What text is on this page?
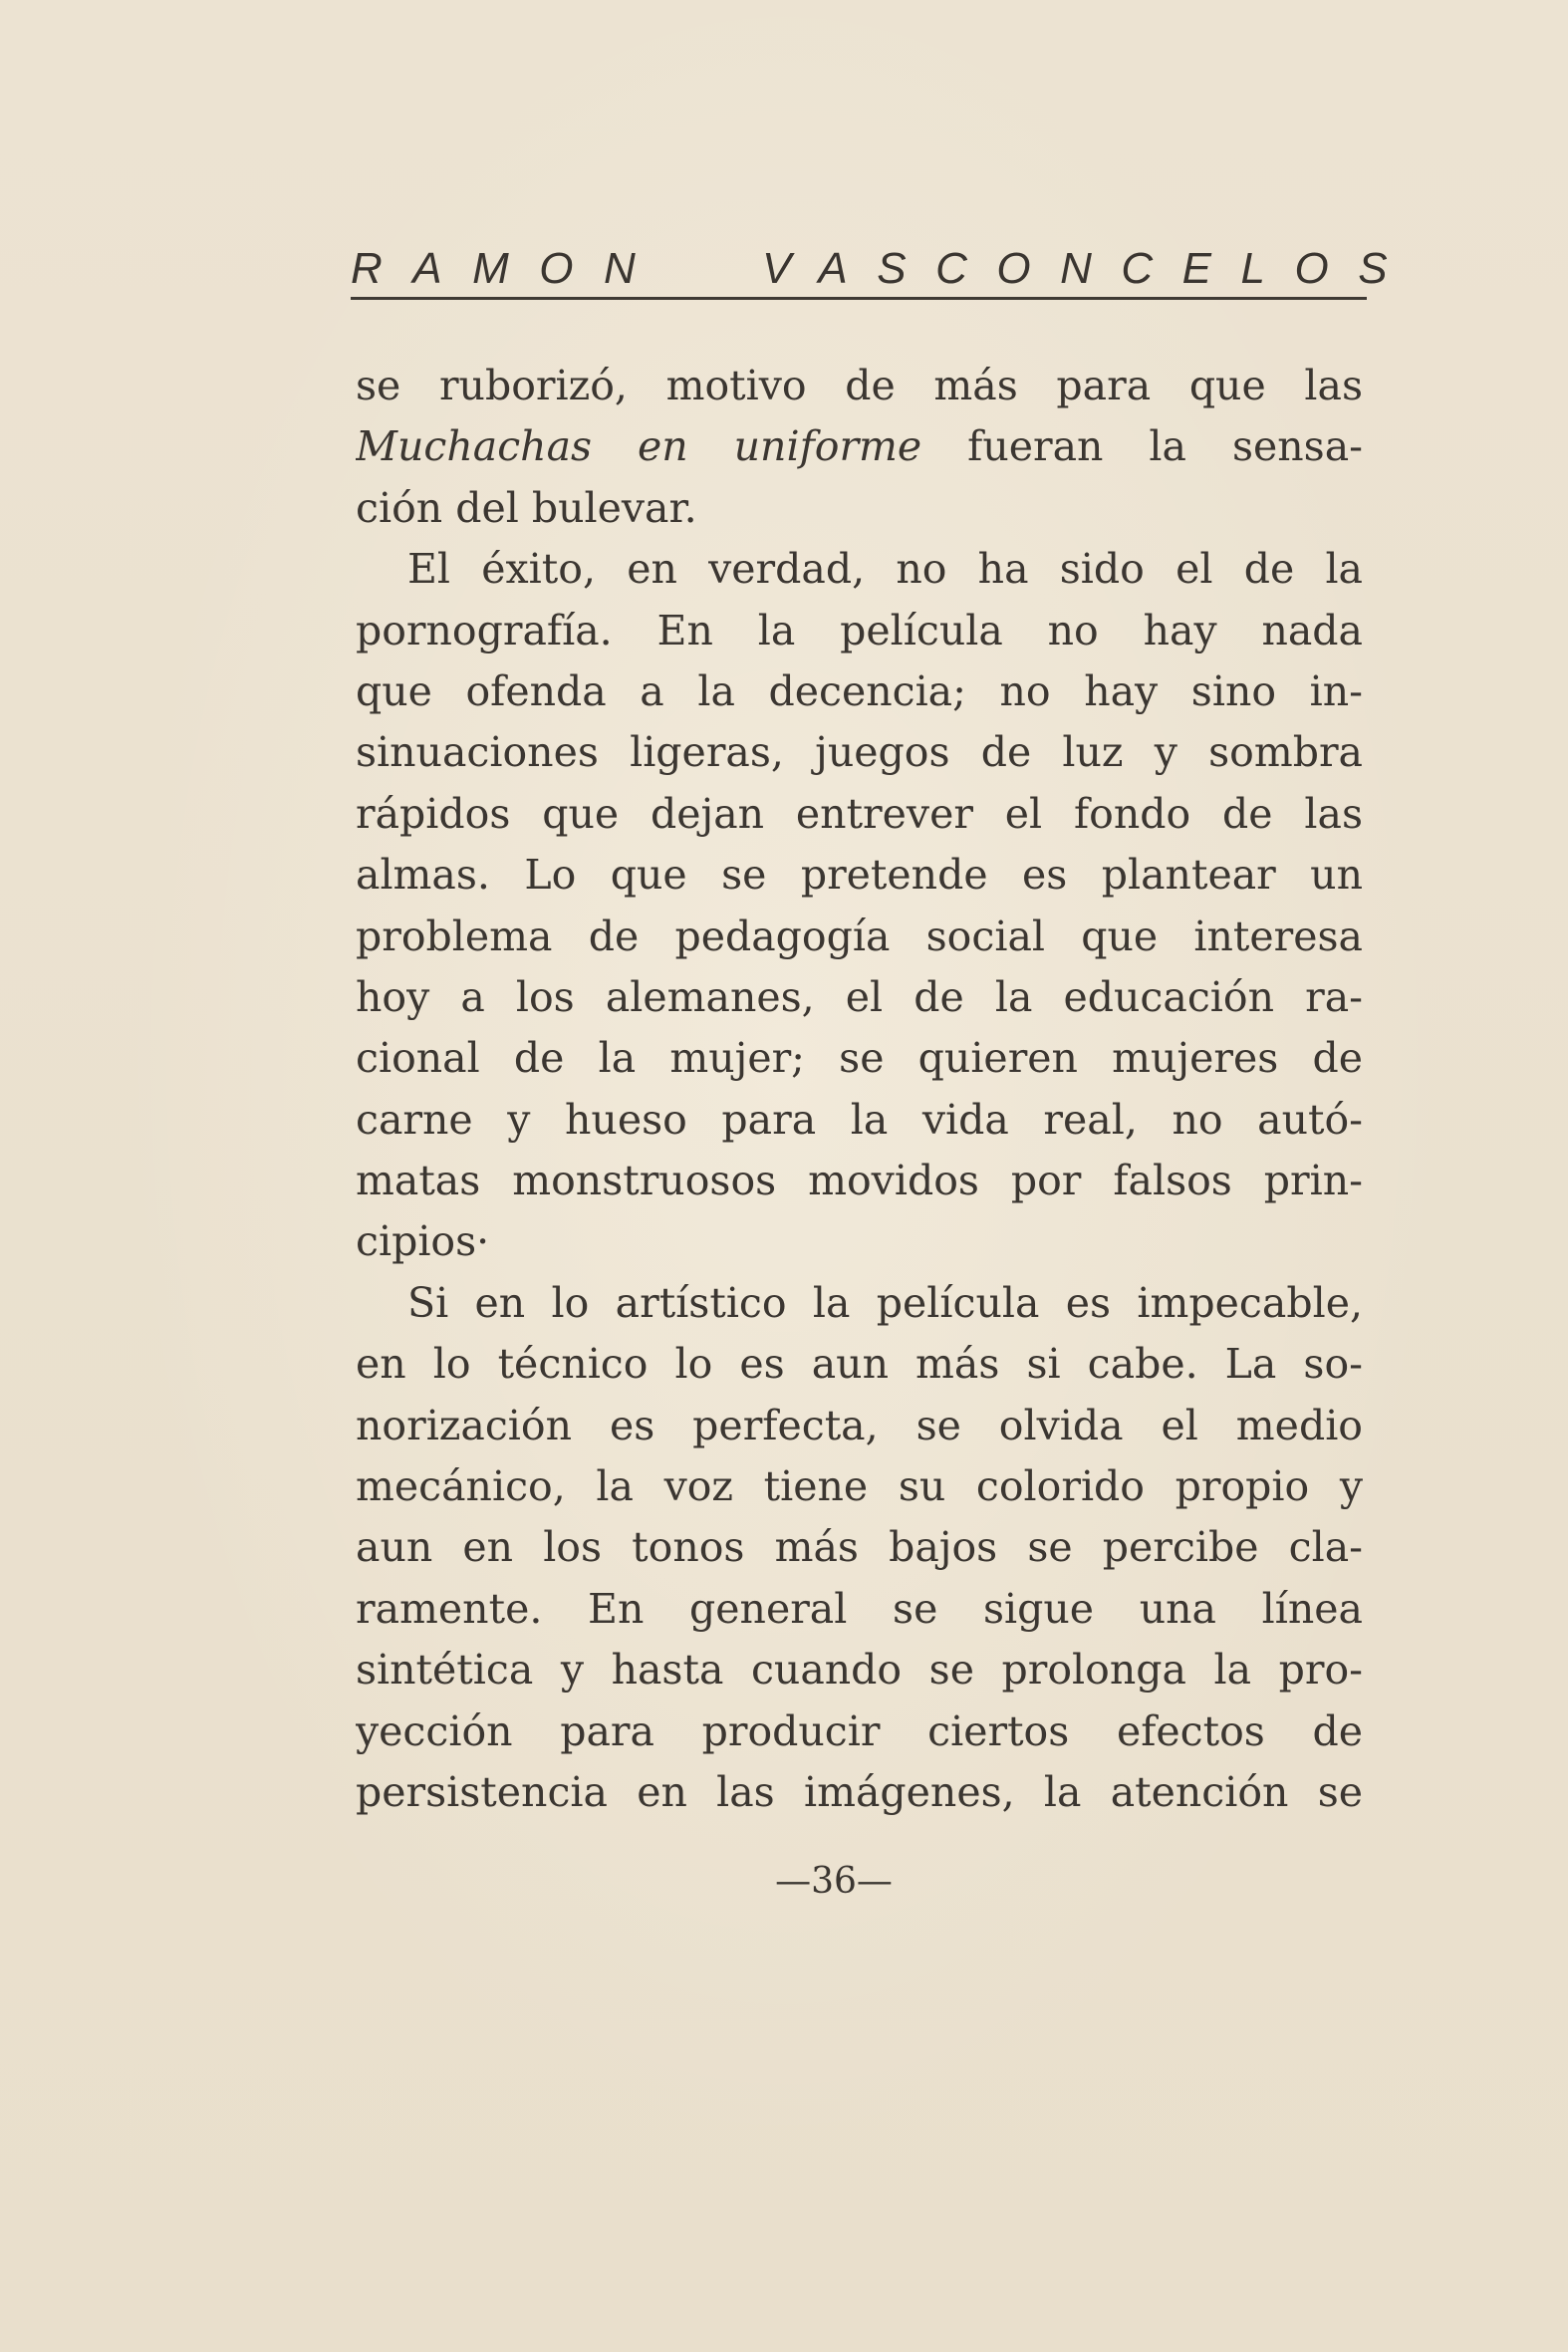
RAMON VASCONCELOS
se ruborizó, motivo de más para que las
Muchachas en uniforme fueran la sensa-
ción del bulevar.
El éxito, en verdad, no ha sido el de la
pornografía. En la película no hay nada
que ofenda a la decencia; no hay sino in-
sinuaciones ligeras, juegos de luz y sombra
rápidos que dejan entrever el fondo de las
almas. Lo que se pretende es plantear un
problema de pedagogía social que interesa
hoy a los alemanes, el de la educación ra-
cional de la mujer; se quieren mujeres de
carne y hueso para la vida real, no autó-
matas monstruosos movidos por falsos prin-
cipios·
Si en lo artístico la película es impecable,
en lo técnico lo es aun más si cabe. La so-
norización es perfecta, se olvida el medio
mecánico, la voz tiene su colorido propio y
aun en los tonos más bajos se percibe cla-
ramente. En general se sigue una línea
sintética y hasta cuando se prolonga la pro-
yección para producir ciertos efectos de
persistencia en las imágenes, la atención se
—36—
